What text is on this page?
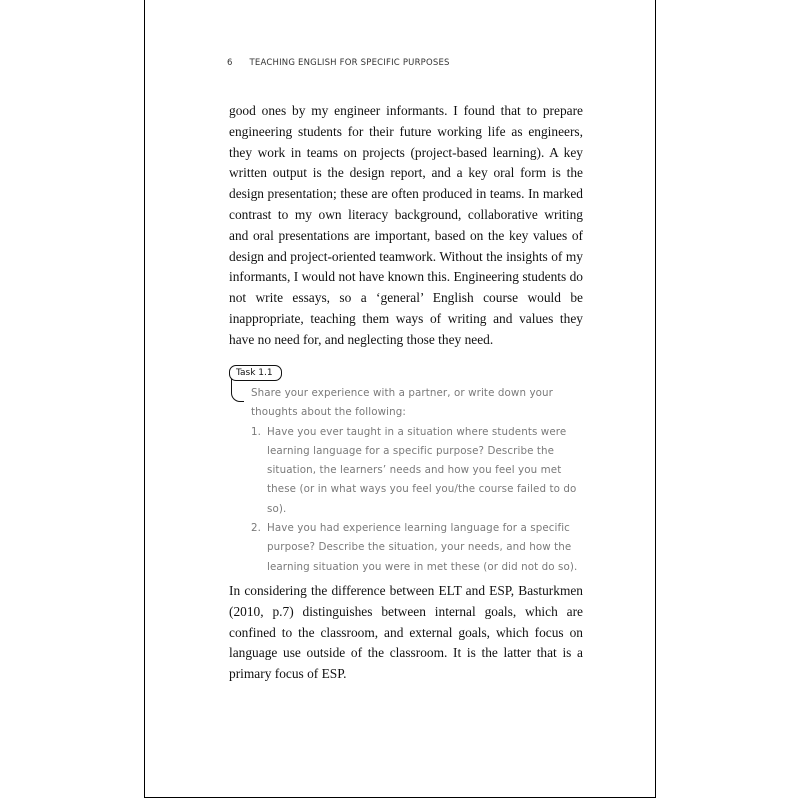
6 TEACHING ENGLISH FOR SPECIFIC PURPOSES

good ones by my engineer informants. I found that to prepare engineering students for their future working life as engineers, they work in teams on projects (project-based learning). A key written output is the design report, and a key oral form is the design presentation; these are often produced in teams. In marked contrast to my own literacy background, collaborative writing and oral presentations are important, based on the key values of design and project-oriented teamwork. Without the insights of my informants, I would not have known this. Engineering students do not write essays, so a ‘general’ English course would be inappropriate, teaching them ways of writing and values they have no need for, and neglecting those they need.

Task 1.1

Share your experience with a partner, or write down your thoughts about the following:

1. Have you ever taught in a situation where students were learning language for a specific purpose? Describe the situation, the learners’ needs and how you feel you met these (or in what ways you feel you/the course failed to do so).
2. Have you had experience learning language for a specific purpose? Describe the situation, your needs, and how the learning situation you were in met these (or did not do so).

In considering the difference between ELT and ESP, Basturkmen (2010, p.7) distinguishes between internal goals, which are confined to the classroom, and external goals, which focus on language use outside of the classroom. It is the latter that is a primary focus of ESP.
